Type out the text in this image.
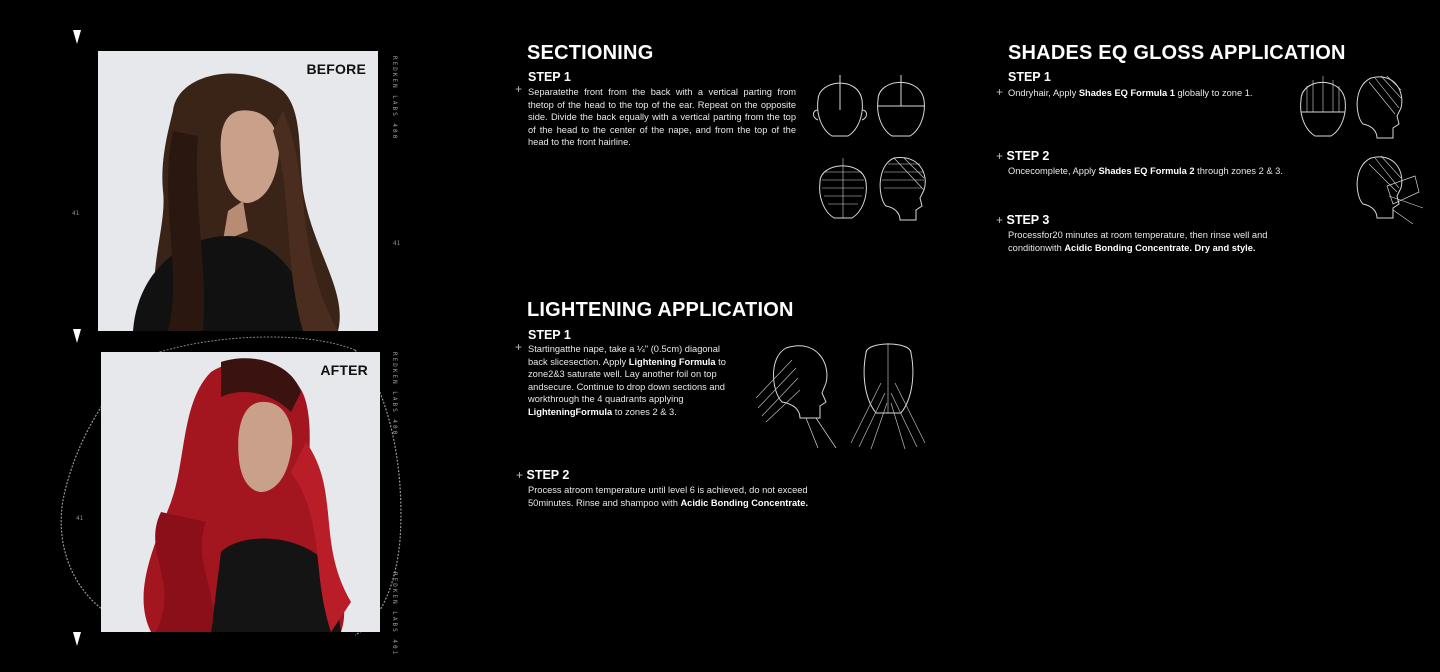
BEFORE
AFTER
REDKEN LABS 400
REDKEN LABS 400
REDKEN LABS 401
41
41
41
SECTIONING
STEP 1
+ Separatethe front from the back with a vertical parting from thetop of the head to the top of the ear. Repeat on the opposite side. Divide the back equally with a vertical parting from the top of the head to the center of the nape, and from the top of the head to the front hairline.

LIGHTENING APPLICATION
STEP 1
+ Startingatthe nape, take a ¼" (0.5cm) diagonal back slicesection. Apply Lightening Formula to zone2&3 saturate well. Lay another foil on top andsecure. Continue to drop down sections and workthrough the 4 quadrants applying LighteningFormula to zones 2 & 3.

+ STEP 2

Process atroom temperature until level 6 is achieved, do not exceed 50minutes. Rinse and shampoo with Acidic Bonding Concentrate.

SHADES EQ GLOSS APPLICATION
STEP 1
+ Ondryhair, Apply Shades EQ Formula 1 globally to zone 1.

+ STEP 2

Oncecomplete, Apply Shades EQ Formula 2 through zones 2 & 3.

+ STEP 3

Processfor20 minutes at room temperature, then rinse well and conditionwith Acidic Bonding Concentrate. Dry and style.
